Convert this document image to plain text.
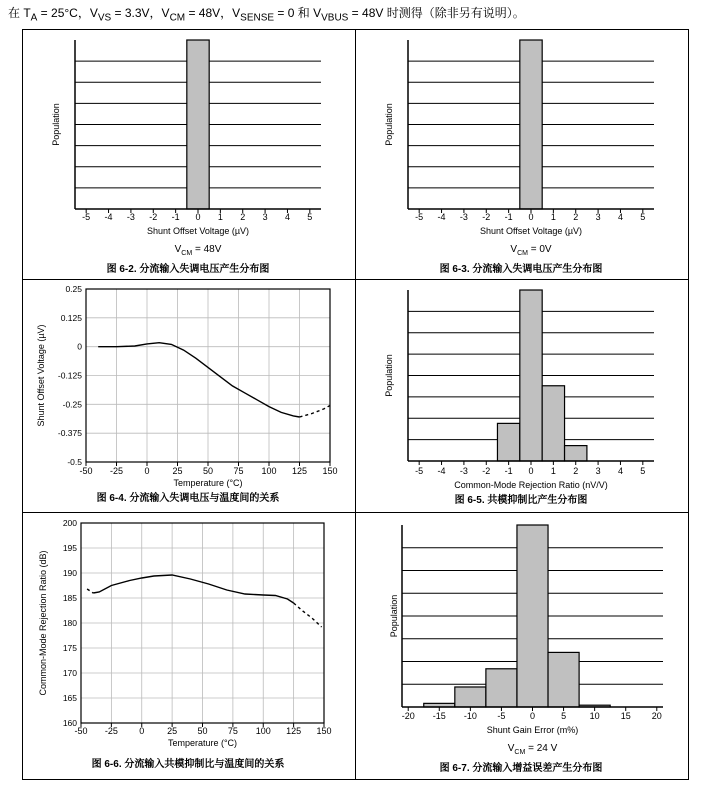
在 $T_A = 25^\circ C$，$V_{VS} = 3.3V$，$V_{CM} = 48V$，$V_{SENSE} = 0$ 和 $V_{VBUS} = 48V$ 时测得（除非另有说明）。
-5 -4 -3 -2 -1 0 1 2 3 4 5
Shunt Offset Voltage (µV)
Population
$V_{CM} = 48V$
图 6-2. 分流输入失调电压产生分布图
-5 -4 -3 -2 -1 0 1 2 3 4 5
Shunt Offset Voltage (µV)
Population
$V_{CM} = 0V$
图 6-3. 分流输入失调电压产生分布图
-50 -25 0	25 50 75 100 125 150
0.25
0.125
0
-0.125
-0.25
-0.375
-0.5
Temperature (°C)
Shunt Offset Voltage (µV)
图 6-4. 分流输入失调电压与温度间的关系
-5 -4 -3 -2 -1 0 1 2 3 4 5
Common-Mode Rejection Ratio (nV/V)
Population
图 6-5. 共模抑制比产生分布图
-50 -25 0	25 50 75 100 125 150
200
195
190
185
180
175
170
165
160
Temperature (°C)
Common-Mode Rejection Ratio (dB)
图 6-6. 分流输入共模抑制比与温度间的关系
-20 -15 -10 -5	0	5	10 15 20
Shunt Gain Error (m%)
Population
$V_{CM} = 24$ V
图 6-7. 分流输入增益误差产生分布图
